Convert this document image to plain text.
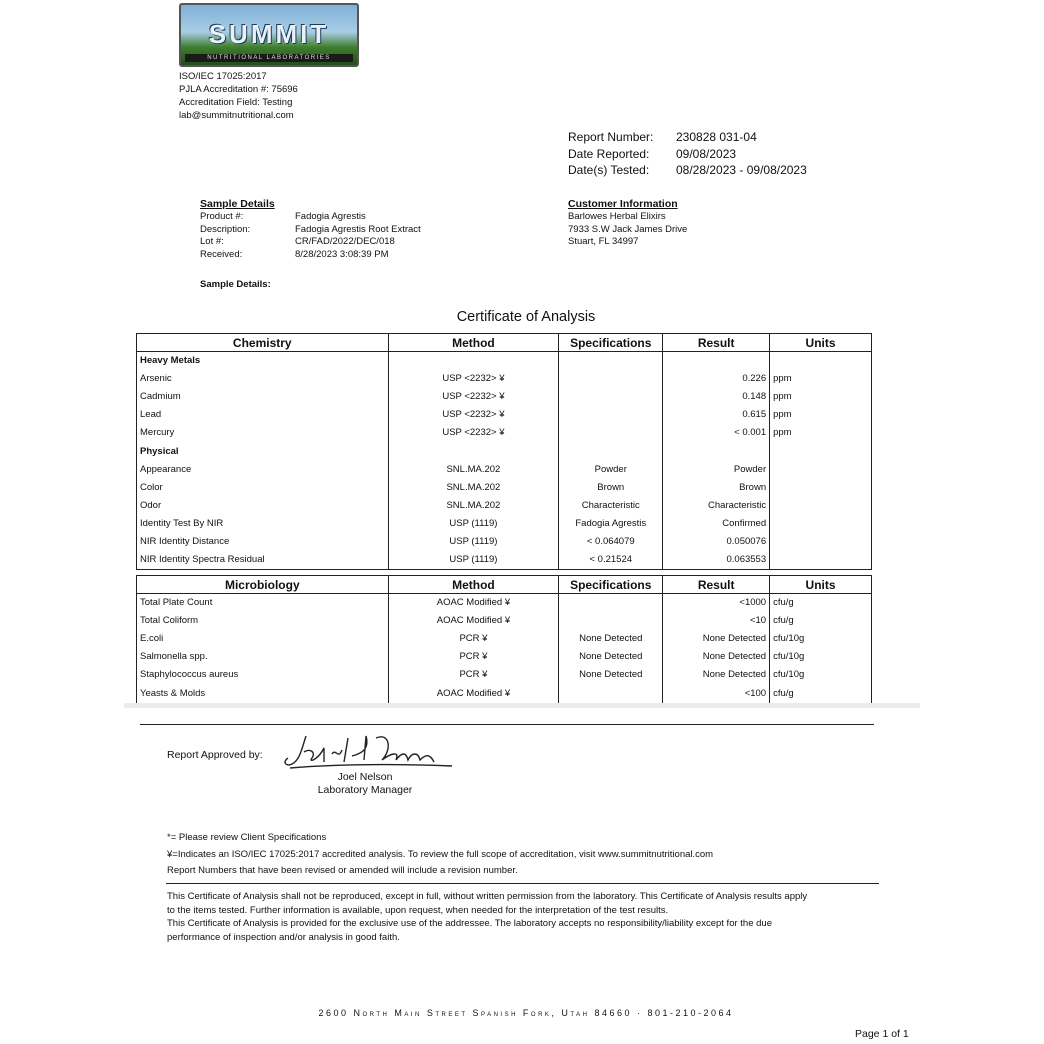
SUMMIT
NUTRITIONAL LABORATORIES
ISO/IEC 17025:2017
PJLA Accreditation #: 75696
Accreditation Field: Testing
lab@summitnutritional.com
Report Number: 230828 031-04
Date Reported: 09/08/2023
Date(s) Tested: 08/28/2023 - 09/08/2023
Sample Details
Product #:	Fadogia Agrestis
Description:	Fadogia Agrestis Root Extract
Lot #:	CR/FAD/2022/DEC/018
Received:	8/28/2023 3:08:39 PM
Sample Details:
Customer Information
Barlowes Herbal Elixirs
7933 S.W Jack James Drive
Stuart, FL 34997
Certificate of Analysis
Chemistry	Method	Specifications	Result	Units
Heavy Metals				
Arsenic	USP <2232> ¥		0.226	ppm
Cadmium	USP <2232> ¥		0.148	ppm
Lead	USP <2232> ¥		0.615	ppm
Mercury	USP <2232> ¥		< 0.001	ppm
Physical				
Appearance	SNL.MA.202	Powder	Powder	
Color	SNL.MA.202	Brown	Brown	
Odor	SNL.MA.202	Characteristic	Characteristic	
Identity Test By NIR	USP (1119)	Fadogia Agrestis	Confirmed	
NIR Identity Distance	USP (1119)	< 0.064079	0.050076	
NIR Identity Spectra Residual	USP (1119)	< 0.21524	0.063553	
Microbiology	Method	Specifications	Result	Units
Total Plate Count	AOAC Modified ¥		<1000	cfu/g
Total Coliform	AOAC Modified ¥		<10	cfu/g
E.coli	PCR ¥	None Detected	None Detected	cfu/10g
Salmonella spp.	PCR ¥	None Detected	None Detected	cfu/10g
Staphylococcus aureus	PCR ¥	None Detected	None Detected	cfu/10g
Yeasts & Molds	AOAC Modified ¥		<100	cfu/g
Report Approved by:
Joel Nelson
Laboratory Manager
*= Please review Client Specifications
¥=Indicates an ISO/IEC 17025:2017 accredited analysis. To review the full scope of accreditation, visit www.summitnutritional.com
Report Numbers that have been revised or amended will include a revision number.
This Certificate of Analysis shall not be reproduced, except in full, without written permission from the laboratory. This Certificate of Analysis results apply
to the items tested. Further information is available, upon request, when needed for the interpretation of the test results.
This Certificate of Analysis is provided for the exclusive use of the addressee. The laboratory accepts no responsibility/liability except for the due
performance of inspection and/or analysis in good faith.
2600 North Main Street Spanish Fork, Utah 84660 · 801-210-2064
Page 1 of 1
